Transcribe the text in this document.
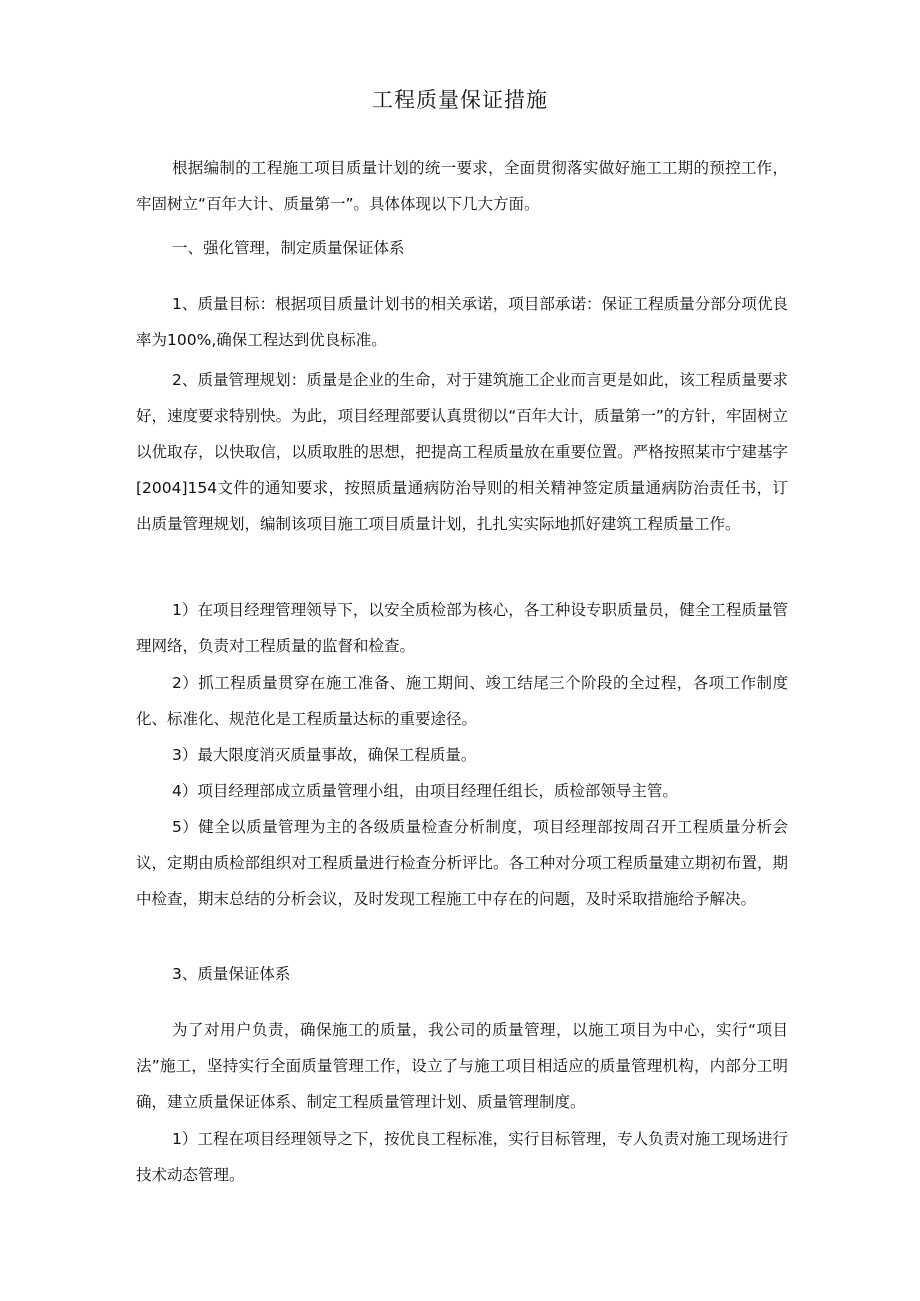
工程质量保证措施

根据编制的工程施工项目质量计划的统一要求，全面贯彻落实做好施工工期的预控工作，牢固树立“百年大计、质量第一”。具体体现以下几大方面。

一、强化管理，制定质量保证体系

1、质量目标：根据项目质量计划书的相关承诺，项目部承诺：保证工程质量分部分项优良率为100%,确保工程达到优良标准。

2、质量管理规划：质量是企业的生命，对于建筑施工企业而言更是如此，该工程质量要求好，速度要求特别快。为此，项目经理部要认真贯彻以“百年大计，质量第一”的方针，牢固树立以优取存，以快取信，以质取胜的思想，把提高工程质量放在重要位置。严格按照某市宁建基字[2004]154文件的通知要求，按照质量通病防治导则的相关精神签定质量通病防治责任书，订出质量管理规划，编制该项目施工项目质量计划，扎扎实实际地抓好建筑工程质量工作。

1）在项目经理管理领导下，以安全质检部为核心，各工种设专职质量员，健全工程质量管理网络，负责对工程质量的监督和检查。

2）抓工程质量贯穿在施工准备、施工期间、竣工结尾三个阶段的全过程，各项工作制度化、标准化、规范化是工程质量达标的重要途径。

3）最大限度消灭质量事故，确保工程质量。

4）项目经理部成立质量管理小组，由项目经理任组长，质检部领导主管。

5）健全以质量管理为主的各级质量检查分析制度，项目经理部按周召开工程质量分析会议，定期由质检部组织对工程质量进行检查分析评比。各工种对分项工程质量建立期初布置，期中检查，期末总结的分析会议，及时发现工程施工中存在的问题，及时采取措施给予解决。

3、质量保证体系

为了对用户负责，确保施工的质量，我公司的质量管理，以施工项目为中心，实行“项目法”施工，坚持实行全面质量管理工作，设立了与施工项目相适应的质量管理机构，内部分工明确，建立质量保证体系、制定工程质量管理计划、质量管理制度。

1）工程在项目经理领导之下，按优良工程标准，实行目标管理，专人负责对施工现场进行技术动态管理。
